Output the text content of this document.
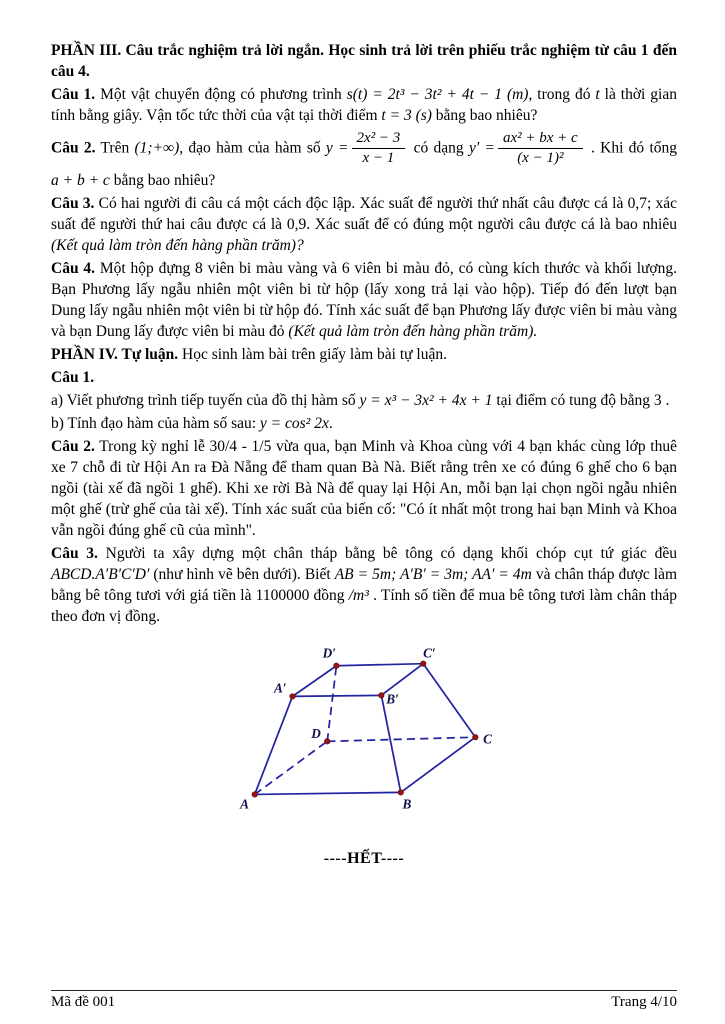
PHẦN III. Câu trắc nghiệm trả lời ngắn. Học sinh trả lời trên phiếu trắc nghiệm từ câu 1 đến câu 4.

Câu 1. Một vật chuyển động có phương trình s(t) = 2t³ − 3t² + 4t − 1 (m), trong đó t là thời gian tính bằng giây. Vận tốc tức thời của vật tại thời điểm t = 3 (s) bằng bao nhiêu?

Câu 2. Trên (1;+∞), đạo hàm của hàm số $y = \frac{\text{2x² − 3}}{x - 1}$ có dạng $y' = \frac{\text{ax² + bx + c}}{\text{(x − 1)²}}$ . Khi đó tổng a + b + c bằng bao nhiêu?

Câu 3. Có hai người đi câu cá một cách độc lập. Xác suất để người thứ nhất câu được cá là 0,7; xác suất để người thứ hai câu được cá là 0,9. Xác suất để có đúng một người câu được cá là bao nhiêu (Kết quả làm tròn đến hàng phần trăm)?

Câu 4. Một hộp đựng 8 viên bi màu vàng và 6 viên bi màu đỏ, có cùng kích thước và khối lượng. Bạn Phương lấy ngẫu nhiên một viên bi từ hộp (lấy xong trả lại vào hộp). Tiếp đó đến lượt bạn Dung lấy ngẫu nhiên một viên bi từ hộp đó. Tính xác suất để bạn Phương lấy được viên bi màu vàng và bạn Dung lấy được viên bi màu đỏ (Kết quả làm tròn đến hàng phần trăm).

PHẦN IV. Tự luận. Học sinh làm bài trên giấy làm bài tự luận.

Câu 1.

a) Viết phương trình tiếp tuyến của đồ thị hàm số y = x³ − 3x² + 4x + 1 tại điểm có tung độ bằng 3 .

b) Tính đạo hàm của hàm số sau: y = cos² 2x.

Câu 2. Trong kỳ nghỉ lễ 30/4 - 1/5 vừa qua, bạn Minh và Khoa cùng với 4 bạn khác cùng lớp thuê xe 7 chỗ đi từ Hội An ra Đà Nẵng để tham quan Bà Nà. Biết rằng trên xe có đúng 6 ghế cho 6 bạn ngồi (tài xế đã ngồi 1 ghế). Khi xe rời Bà Nà để quay lại Hội An, mỗi bạn lại chọn ngồi ngẫu nhiên một ghế (trừ ghế của tài xế). Tính xác suất của biến cố: "Có ít nhất một trong hai bạn Minh và Khoa vẫn ngồi đúng ghế cũ của mình".

Câu 3. Người ta xây dựng một chân tháp bằng bê tông có dạng khối chóp cụt tứ giác đều ABCD.A′B′C′D′ (như hình vẽ bên dưới). Biết AB = 5m; A′B′ = 3m; AA′ = 4m và chân tháp được làm bằng bê tông tươi với giá tiền là 1100000 đồng /m³ . Tính số tiền để mua bê tông tươi làm chân tháp theo đơn vị đồng.

A	B
C
D
A′
B′
C′
D′
----HẾT----
Mã đề 001	Trang 4/10
